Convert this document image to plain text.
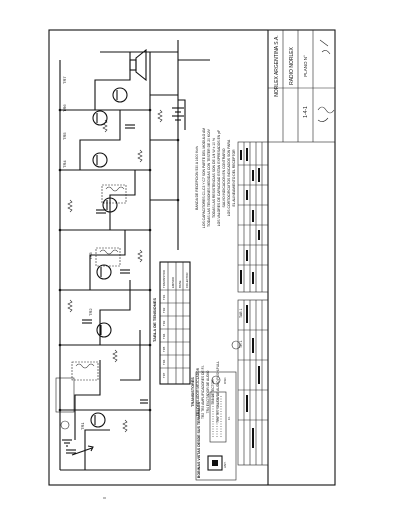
NORLEX ARGENTINA S.A. RADIO NORLEX PLANO N°
1-4-1
TAB 1
TR 1
LOS CAPACITORES C1-C3 Y C7 SON PARTE DEL MODULO AM TODAS LAS TENSIONES MEDIDAS CON TESTER DE 20 KΩ/V TODAS LAS RESISTENCIAS SON DE 1/4 W ± 10 % LOS VALORES DE CAPACIDAD ESTAN EXPRESADOS EN pF SALVO INDICACION EN CONTRARIO LOS CORTOCIRCUITOS INDICADOS SON PARA EL ALINEAMIENTO DEL RECEPTOR
BANDA DE RECEPCION 530 A 1600 Kc/s
TRANSISTORES TR1 OSCILADOR MEZCLADOR TR2 TR3 AMPLIFICADORES DE F.I. TR4 EXCITADOR DE AUDIO TR5 DETECTOR TR6 TR7 SALIDA DE AUDIO PUSH-PULL
TABLA DE TENSIONES
TRANSISTOR EMISOR BASE COLECTOR
TR1
TR2
TR3
TR4
TR5
TR6
TR7
BOBINAS VISTAS DESDE SUS TERMINALES	ANT.
F.I.
OSC.
TR1
TR2
TR3
TR4
TR5
TR6
TR7
